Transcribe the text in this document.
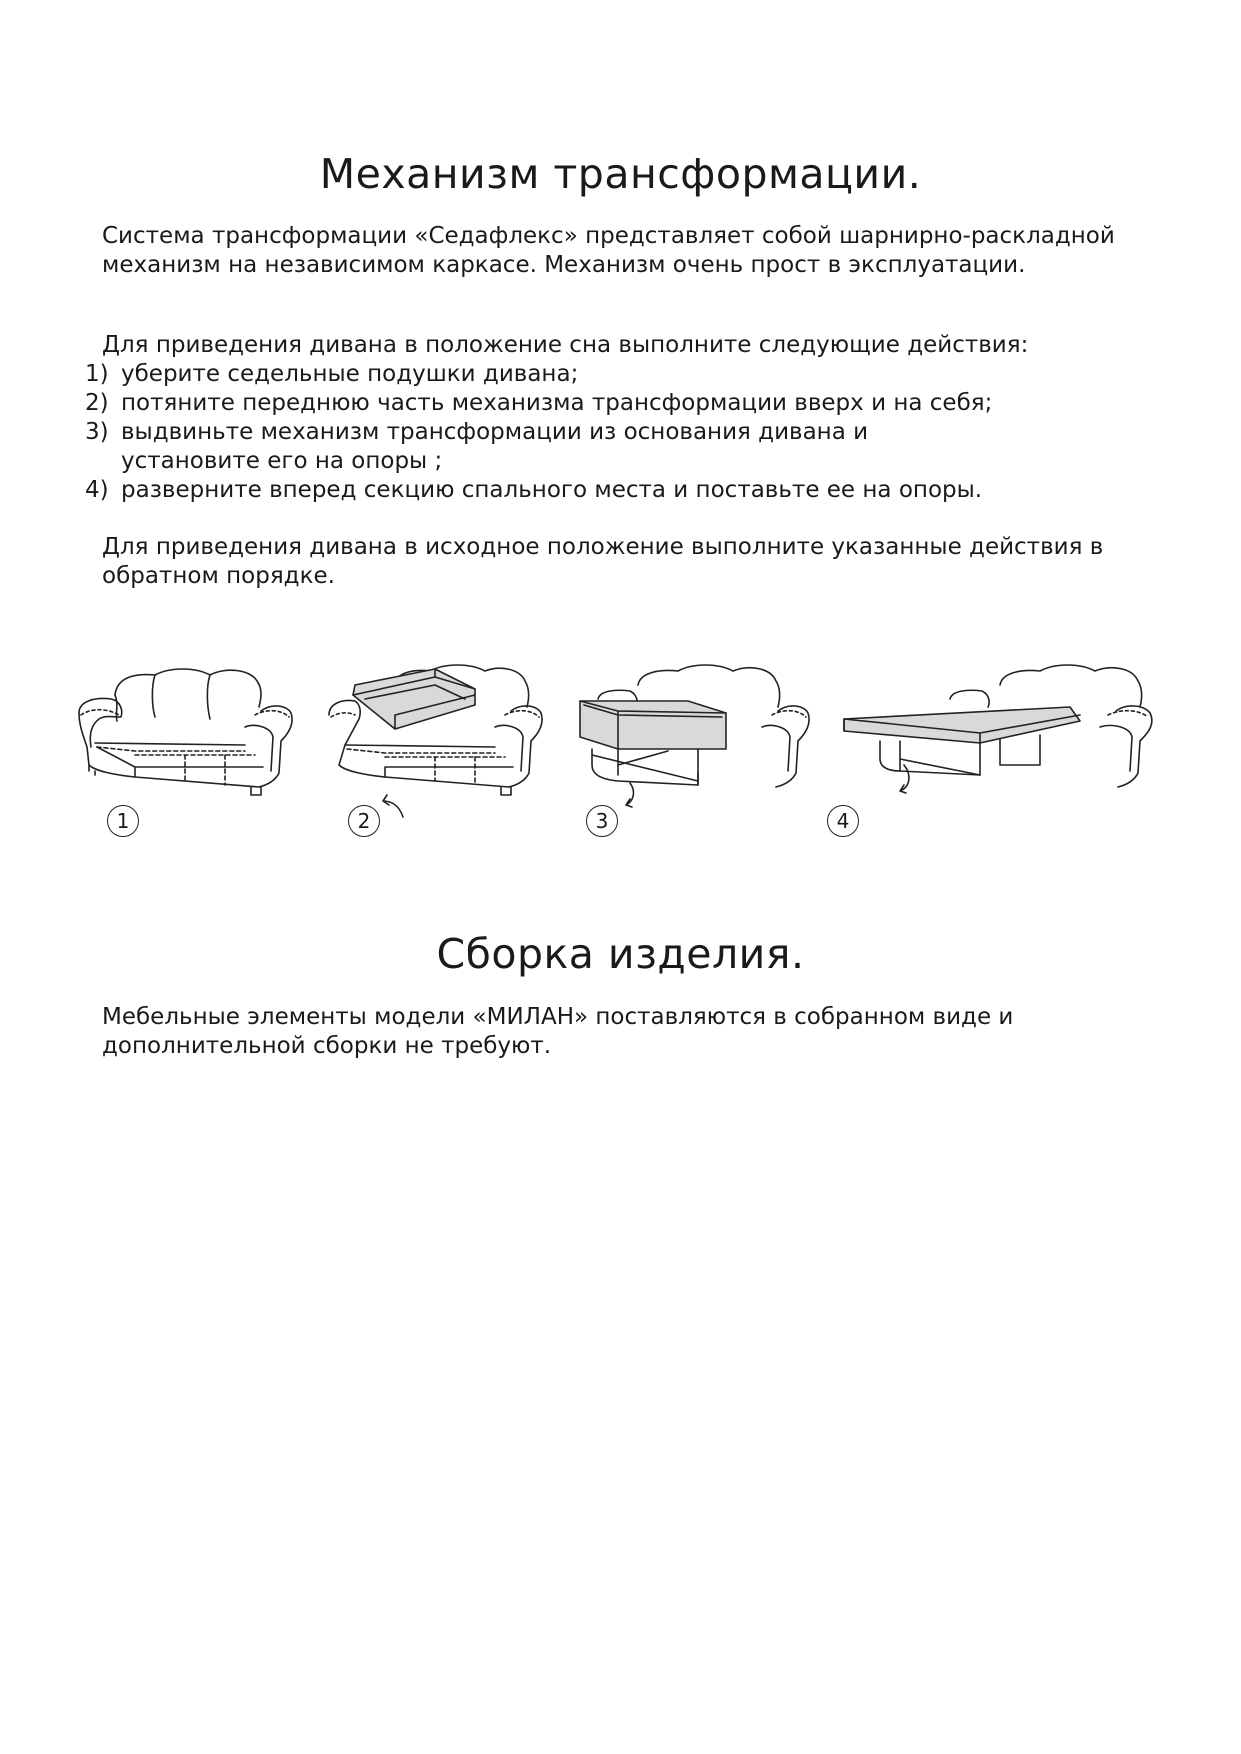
Механизм трансформации.

Система трансформации «Седафлекс» представляет собой шарнирно-раскладной механизм на независимом каркасе. Механизм очень прост в эксплуатации.

Для приведения дивана в положение сна выполните следующие действия:

1) уберите седельные подушки дивана;
2) потяните переднюю часть механизма трансформации вверх и на себя;
3) выдвиньте механизм трансформации из основания дивана и установите его на опоры ;
4) разверните вперед секцию спального места и поставьте ее на опоры.

Для приведения дивана в исходное положение выполните указанные действия в обратном порядке.

1	2	3	4
Сборка изделия.

Мебельные элементы модели «МИЛАН» поставляются в собранном виде и дополнительной сборки не требуют.
